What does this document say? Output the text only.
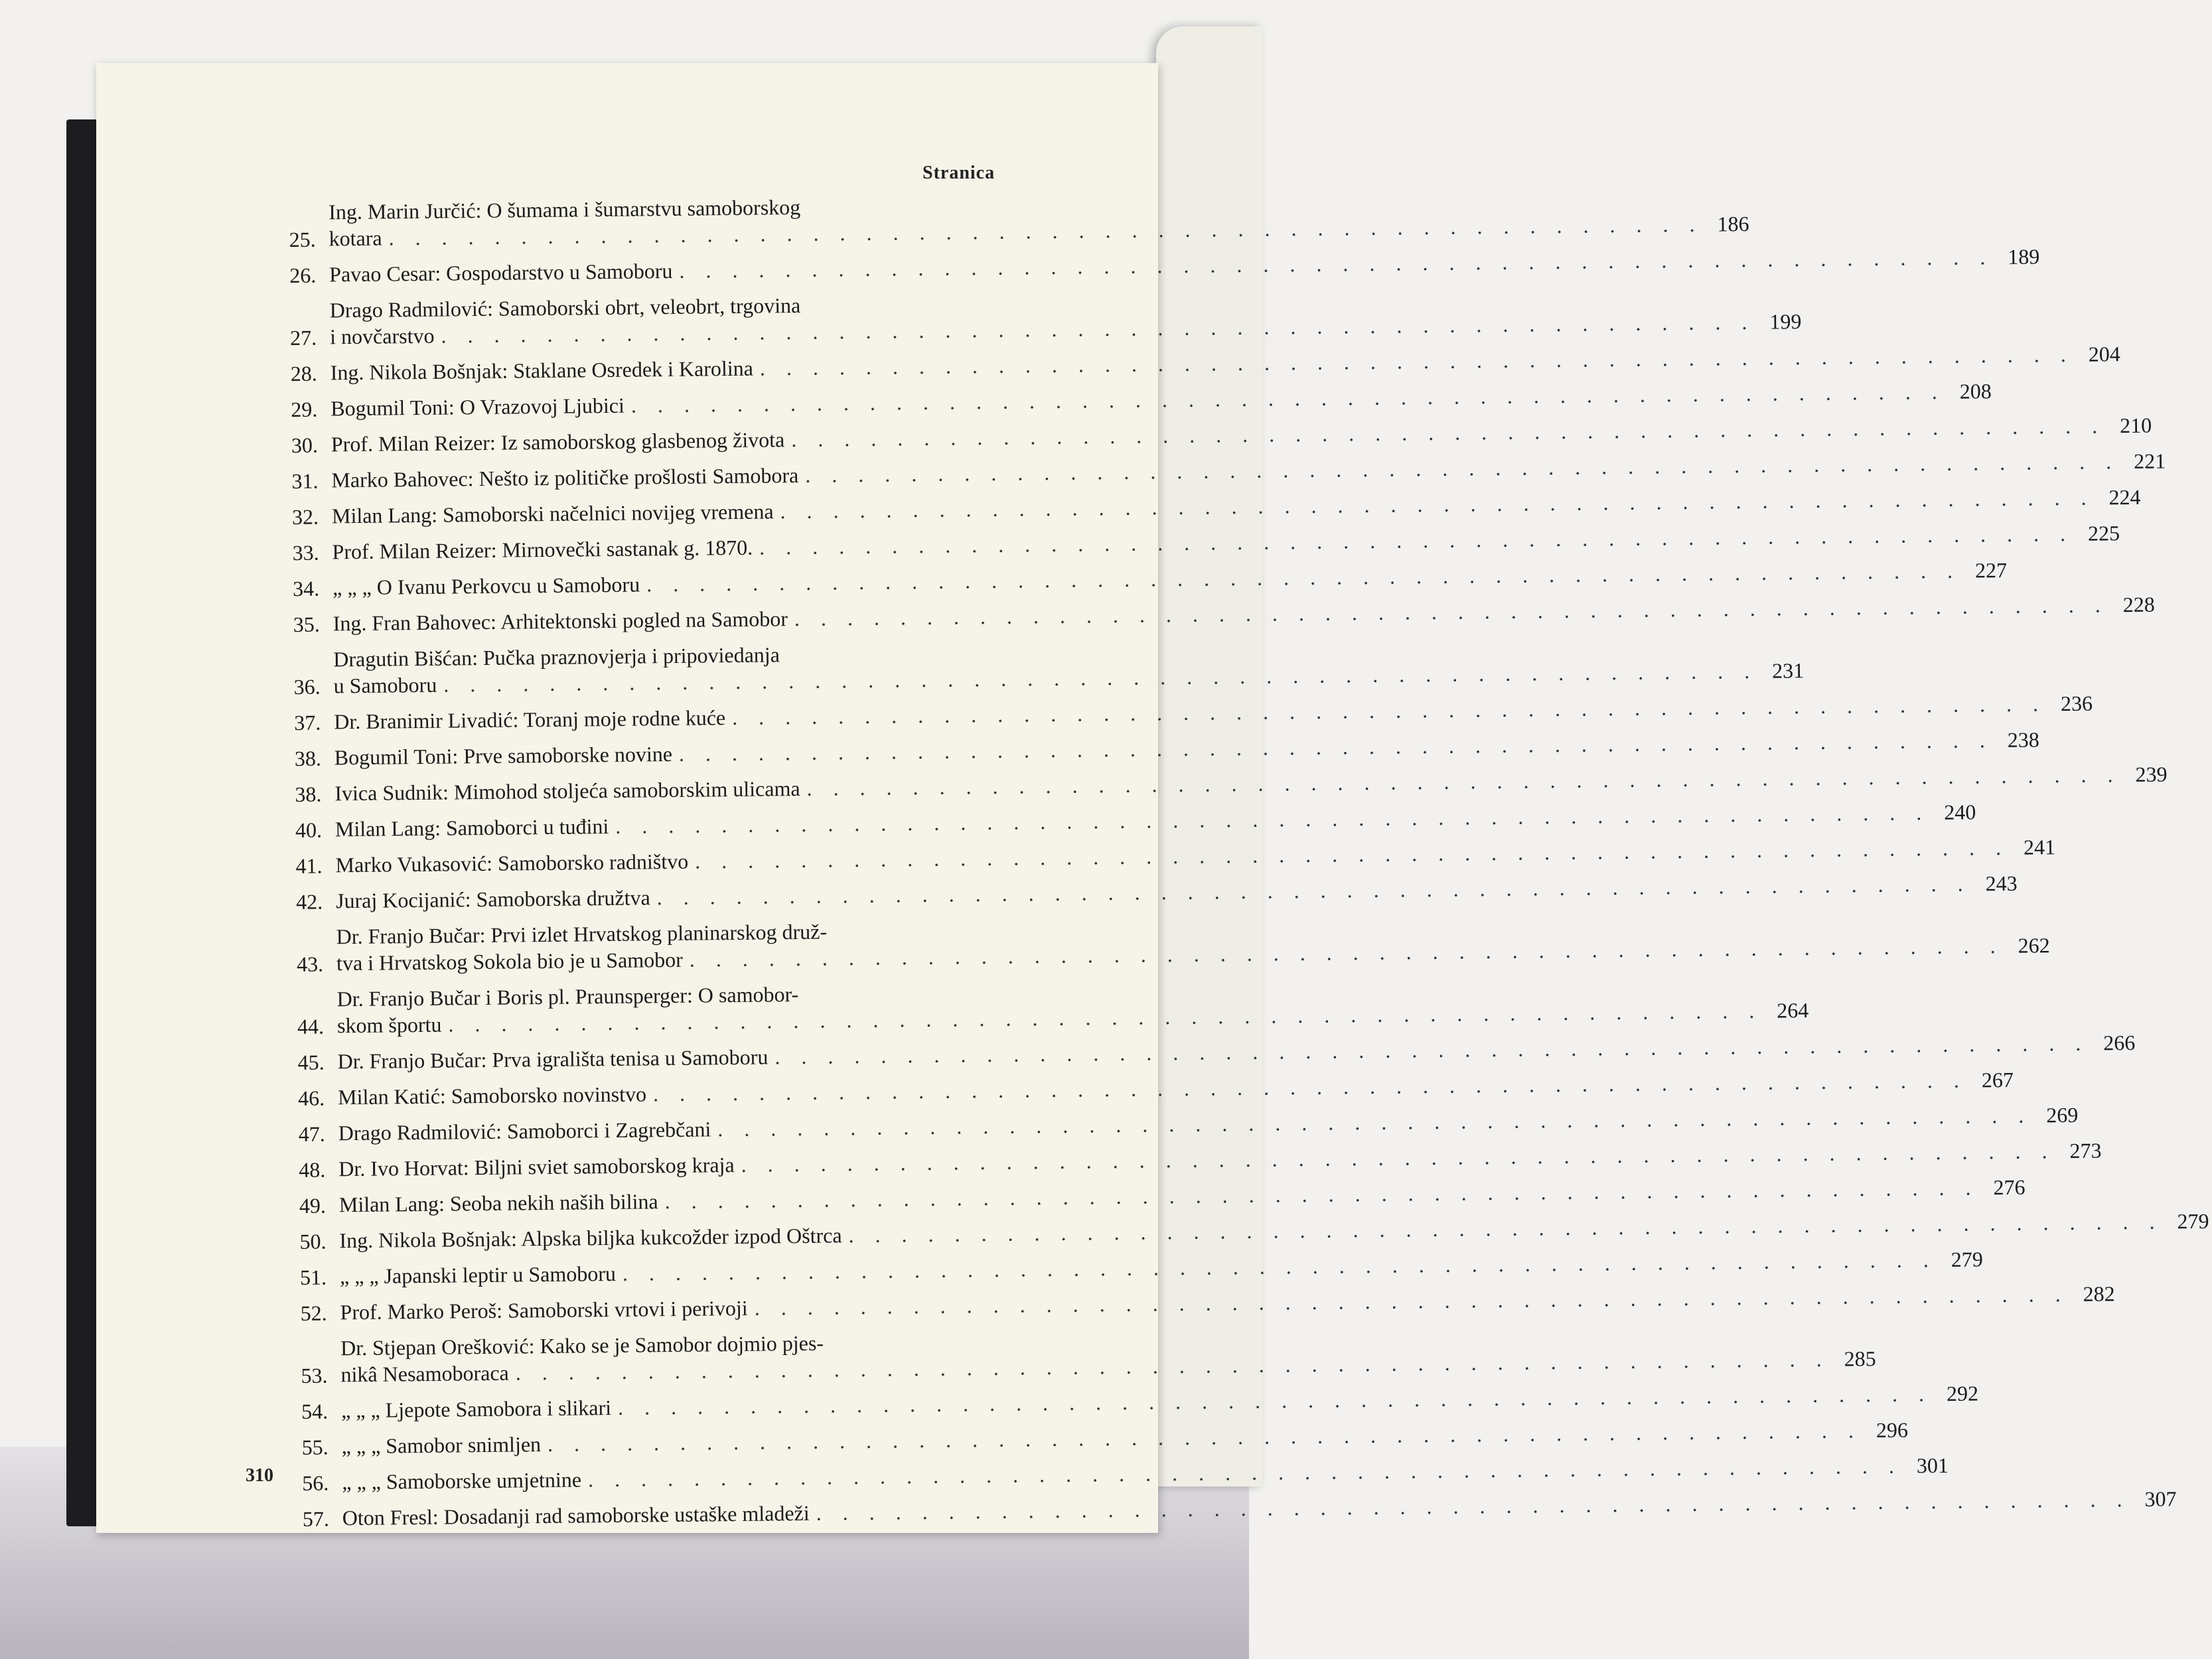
Stranica
25.
Ing. Marin Jurčić: O šumama i šumarstvu samoborskog
kotara
. . .
186
26. Pavao Cesar: Gospodarstvo u Samoboru
. . .
189
27.
Drago Radmilović: Samoborski obrt, veleobrt, trgovina
i novčarstvo
. . .
199
28. Ing. Nikola Bošnjak: Staklane Osredek i Karolina
. . .
204
29. Bogumil Toni: O Vrazovoj Ljubici
. . .
208
30. Prof. Milan Reizer: Iz samoborskog glasbenog života
. . .
210
31. Marko Bahovec: Nešto iz političke prošlosti Samobora
. . .
221
32. Milan Lang: Samoborski načelnici novijeg vremena
. . .
224
33. Prof. Milan Reizer: Mirnovečki sastanak g. 1870.
. . .
225
34. „ „ „ O Ivanu Perkovcu u Samoboru
. . .
227
35. Ing. Fran Bahovec: Arhitektonski pogled na Samobor
. . .
228
36.
Dragutin Bišćan: Pučka praznovjerja i pripoviedanja
u Samoboru
. . .
231
37. Dr. Branimir Livadić: Toranj moje rodne kuće
. . .
236
38. Bogumil Toni: Prve samoborske novine
. . .
238
38. Ivica Sudnik: Mimohod stoljeća samoborskim ulicama
. . .
239
40. Milan Lang: Samoborci u tuđini
. . .
240
41. Marko Vukasović: Samoborsko radništvo
. . .
241
42. Juraj Kocijanić: Samoborska družtva
. . .
243
43.
Dr. Franjo Bučar: Prvi izlet Hrvatskog planinarskog druž-
tva i Hrvatskog Sokola bio je u Samobor
. . .
262
44.
Dr. Franjo Bučar i Boris pl. Praunsperger: O samobor-
skom športu
. . .
264
45. Dr. Franjo Bučar: Prva igrališta tenisa u Samoboru
. . .
266
46. Milan Katić: Samoborsko novinstvo
. . .
267
47. Drago Radmilović: Samoborci i Zagrebčani
. . .
269
48. Dr. Ivo Horvat: Biljni sviet samoborskog kraja
. . .
273
49. Milan Lang: Seoba nekih naših bilina
. . .
276
50. Ing. Nikola Bošnjak: Alpska biljka kukcožder izpod Oštrca
. . .
279
51. „ „ „ Japanski leptir u Samoboru
. . .
279
52. Prof. Marko Peroš: Samoborski vrtovi i perivoji
. . .
282
53.
Dr. Stjepan Orešković: Kako se je Samobor dojmio pjes-
nikâ Nesamoboraca
. . .
285
54. „ „ „ Ljepote Samobora i slikari
. . .
292
55. „ „ „ Samobor snimljen
. . .
296
56. „ „ „ Samoborske umjetnine
. . .
301
57. Oton Fresl: Dosadanji rad samoborske ustaške mladeži
. . .
307
310
